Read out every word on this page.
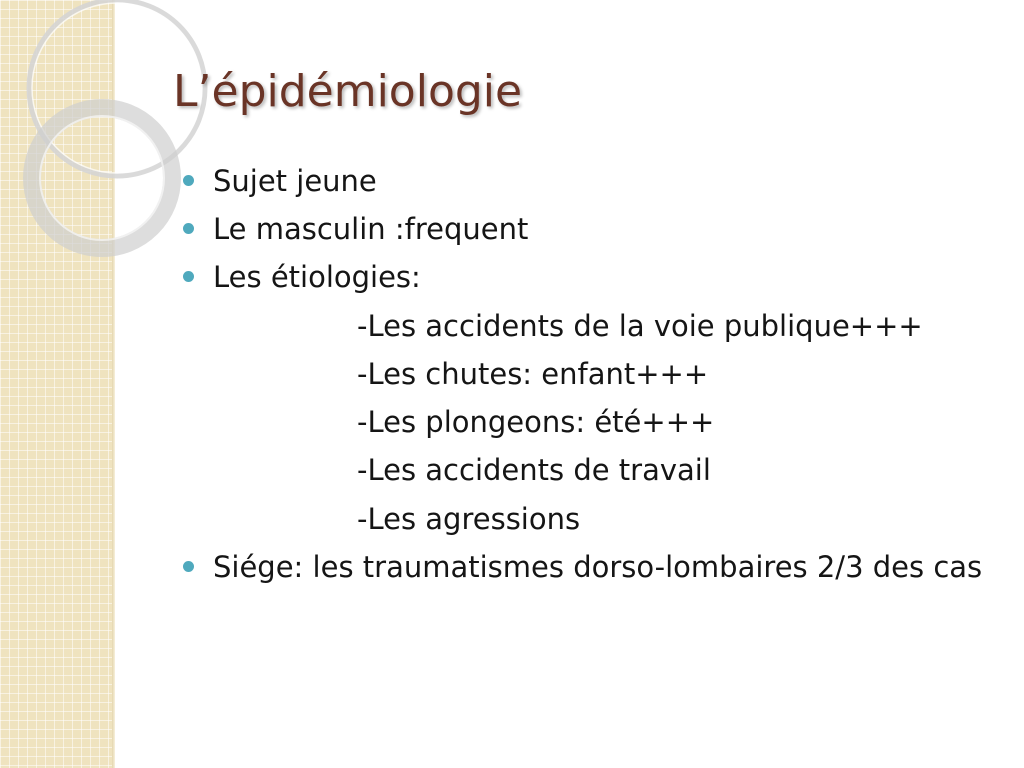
L’épidémiologie
Sujet jeune
Le masculin :frequent
Les étiologies:
-Les accidents de la voie publique+++
-Les chutes: enfant+++
-Les plongeons: été+++
-Les accidents de travail
-Les agressions
Siége: les traumatismes dorso-lombaires 2/3 des cas
